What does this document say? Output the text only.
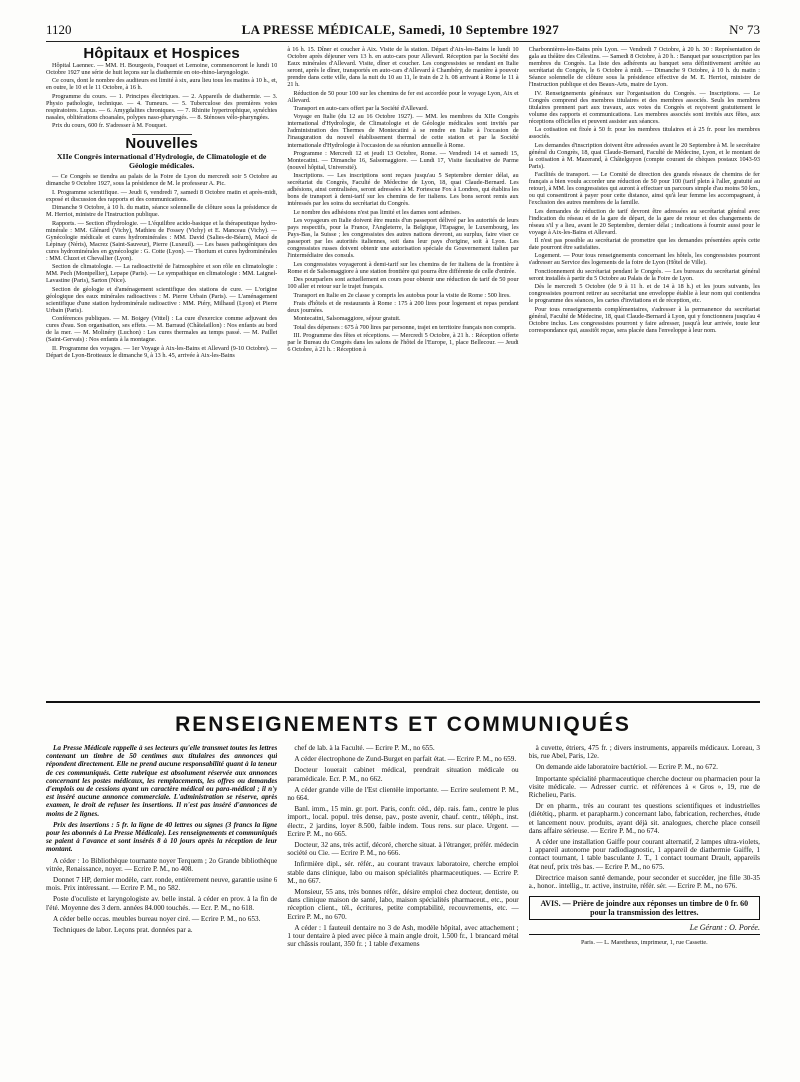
1120	LA PRESSE MÉDICALE, Samedi, 10 Septembre 1927	N° 73
Hôpitaux et Hospices

Hôpital Laennec. — MM. H. Bourgeois, Fouquet et Lemoine, commenceront le lundi 10 Octobre 1927 une série de huit leçons sur la diathermie en oto-rhino-laryngologie.

Ce cours, dont le nombre des auditeurs est limité à six, aura lieu tous les matins à 10 h., et, en outre, le 10 et le 11 Octobre, à 16 h.

Programme du cours. — 1. Principes électriques. — 2. Appareils de diathermie. — 3. Physio pathologie, technique. — 4. Tumeurs. — 5. Tuberculose des premières voies respiratoires. Lupus. — 6. Amygdalites chroniques. — 7. Rhinite hypertrophique, synéchies nasales, oblitérations choanales, polypes naso-pharyngés. — 8. Sténoses vélo-pharyngées.

Prix du cours, 600 fr. S'adresser à M. Fouquet.

Nouvelles
XIIe Congrès international d'Hydrologie, de Climatologie et de Géologie médicales.

— Ce Congrès se tiendra au palais de la Foire de Lyon du mercredi soir 5 Octobre au dimanche 9 Octobre 1927, sous la présidence de M. le professeur A. Pic.

I. Programme scientifique. — Jeudi 6, vendredi 7, samedi 8 Octobre matin et après-midi, exposé et discussion des rapports et des communications.

Dimanche 9 Octobre, à 10 h. du matin, séance solennelle de clôture sous la présidence de M. Herriot, ministre de l'Instruction publique.

Rapports. — Section d'hydrologie. — L'équilibre acido-basique et la thérapeutique hydro-minérale : MM. Glénard (Vichy), Mathieu de Fossey (Vichy) et E. Manceau (Vichy). — Gynécologie médicale et cures hydrominérales : MM. David (Salies-de-Béarn), Macé de Lépinay (Néris), Macrez (Saint-Sauveur), Pierre (Luxeuil). — Les bases pathogéniques des cures hydrominérales en gynécologie : G. Cotte (Lyon). — Thorium et cures hydrominérales : MM. Cluzet et Chevallier (Lyon).

Section de climatologie. — La radioactivité de l'atmosphère et son rôle en climatologie : MM. Pech (Montpellier), Lepape (Paris). — Le sympathique en climatologie : MM. Laignel-Lavastine (Paris), Sarton (Nice).

Section de géologie et d'aménagement scientifique des stations de cure. — L'origine géologique des eaux minérales radioactives : M. Pierre Urbain (Paris). — L'aménagement scientifique d'une station hydrominérale radioactive : MM. Piéry, Milhaud (Lyon) et Pierre Urbain (Paris).

Conférences publiques. — M. Boigey (Vittel) : La cure d'exercice comme adjuvant des cures d'eau. Son organisation, ses effets. — M. Barraud (Châtelaillon) : Nos enfants au bord de la mer. — M. Molinéry (Luchon) : Les cures thermales au temps passé. — M. Paillet (Saint-Gervais) : Nos enfants à la montagne.

II. Programme des voyages. — 1er Voyage à Aix-les-Bains et Allevard (9-10 Octobre). — Départ de Lyon-Brotteaux le dimanche 9, à 13 h. 45, arrivée à Aix-les-Bains

à 16 h. 15. Dîner et coucher à Aix. Visite de la station. Départ d'Aix-les-Bains le lundi 10 Octobre après déjeuner vers 13 h. en auto-cars pour Allevard. Réception par la Société des Eaux minérales d'Allevard. Visite, dîner et coucher. Les congressistes se rendant en Italie seront, après le dîner, transportés en auto-cars d'Allevard à Chambéry, de manière à pouvoir prendre dans cette ville, dans la nuit du 10 au 11, le train de 2 h. 08 arrivant à Rome le 11 à 21 h.

Réduction de 50 pour 100 sur les chemins de fer est accordée pour le voyage Lyon, Aix et Allevard.

Transport en auto-cars offert par la Société d'Allevard.

Voyage en Italie (du 12 au 16 Octobre 1927). — MM. les membres du XIIe Congrès international d'Hydrologie, de Climatologie et de Géologie médicales sont invités par l'administration des Thermes de Montecatini à se rendre en Italie à l'occasion de l'inauguration du nouvel établissement thermal de cette station et par la Société internationale d'Hydrologie à l'occasion de sa réunion annuelle à Rome.

Programme : Mercredi 12 et jeudi 13 Octobre, Rome. — Vendredi 14 et samedi 15, Montecatini. — Dimanche 16, Salsomaggiore. — Lundi 17, Visite facultative de Parme (nouvel hôpital, Université).

Inscriptions. — Les inscriptions sont reçues jusqu'au 5 Septembre dernier délai, au secrétariat du Congrès, Faculté de Médecine de Lyon, 18, quai Claude-Bernard. Les adhésions, ainsi centralisées, seront adressées à M. Fortescue Fox à Londres, qui établira les bons de transport à demi-tarif sur les chemins de fer italiens. Les bons seront remis aux intéressés par les soins du secrétariat du Congrès.

Le nombre des adhésions n'est pas limité et les dames sont admises.

Les voyageurs en Italie doivent être munis d'un passeport délivré par les autorités de leurs pays respectifs, pour la France, l'Angleterre, la Belgique, l'Espagne, le Luxembourg, les Pays-Bas, la Suisse ; les congressistes des autres nations devront, au surplus, faire viser ce passeport par les autorités italiennes, soit dans leur pays d'origine, soit à Lyon. Les congressistes russes doivent obtenir une autorisation spéciale du Gouvernement italien par l'intermédiaire des consuls.

Les congressistes voyageront à demi-tarif sur les chemins de fer italiens de la frontière à Rome et de Salsomaggiore à une station frontière qui pourra être différente de celle d'entrée.

Des pourparlers sont actuellement en cours pour obtenir une réduction de tarif de 50 pour 100 aller et retour sur le trajet français.

Transport en Italie en 2e classe y compris les autobus pour la visite de Rome : 500 lires.

Frais d'hôtels et de restaurants à Rome : 175 à 200 lires pour logement et repas pendant deux journées.

Montecatini, Salsomaggiore, séjour gratuit.

Total des dépenses : 675 à 700 lires par personne, trajet en territoire français non compris.

III. Programme des fêtes et réceptions. — Mercredi 5 Octobre, à 21 h. : Réception offerte par le Bureau du Congrès dans les salons de l'hôtel de l'Europe, 1, place Bellecour. — Jeudi 6 Octobre, à 21 h. : Réception à

Charbonnières-les-Bains près Lyon. — Vendredi 7 Octobre, à 20 h. 30 : Représentation de gala au théâtre des Célestins. — Samedi 8 Octobre, à 20 h. : Banquet par souscription par les membres du Congrès. La liste des adhérents au banquet sera définitivement arrêtée au secrétariat du Congrès, le 6 Octobre à midi. — Dimanche 9 Octobre, à 10 h. du matin : Séance solennelle de clôture sous la présidence effective de M. E. Herriot, ministre de l'Instruction publique et des Beaux-Arts, maire de Lyon.

IV. Renseignements généraux sur l'organisation du Congrès. — Inscriptions. — Le Congrès comprend des membres titulaires et des membres associés. Seuls les membres titulaires prennent part aux travaux, aux votes du Congrès et reçoivent gratuitement le volume des rapports et communications. Les membres associés sont invités aux fêtes, aux réceptions officielles et peuvent assister aux séances.

La cotisation est fixée à 50 fr. pour les membres titulaires et à 25 fr. pour les membres associés.

Les demandes d'inscription doivent être adressées avant le 20 Septembre à M. le secrétaire général du Congrès, 18, quai Claude-Bernard, Faculté de Médecine, Lyon, et le montant de la cotisation à M. Mazerand, à Châtelguyon (compte courant de chèques postaux 1043-93 Paris).

Facilités de transport. — Le Comité de direction des grands réseaux de chemins de fer français a bien voulu accorder une réduction de 50 pour 100 (tarif plein à l'aller, gratuité au retour), à MM. les congressistes qui auront à effectuer un parcours simple d'au moins 50 km., ou qui consentiront à payer pour cette distance, ainsi qu'à leur femme les accompagnant, à l'exclusion des autres membres de la famille.

Les demandes de réduction de tarif devront être adressées au secrétariat général avec l'indication du réseau et de la gare de départ, de la gare de retour et des changements de réseau s'il y a lieu, avant le 20 Septembre, dernier délai ; indications à fournir aussi pour le voyage à Aix-les-Bains et Allevard.

Il n'est pas possible au secrétariat de promettre que les demandes présentées après cette date pourront être satisfaites.

Logement. — Pour tous renseignements concernant les hôtels, les congressistes pourront s'adresser au Service des logements de la foire de Lyon (Hôtel de Ville).

Fonctionnement du secrétariat pendant le Congrès. — Les bureaux du secrétariat général seront installés à partir du 5 Octobre au Palais de la Foire de Lyon.

Dès le mercredi 5 Octobre (de 9 à 11 h. et de 14 à 18 h.) et les jours suivants, les congressistes pourront retirer au secrétariat une enveloppe établie à leur nom qui contiendra le programme des séances, les cartes d'invitations et de réception, etc.

Pour tous renseignements complémentaires, s'adresser à la permanence du secrétariat général, Faculté de Médecine, 18, quai Claude-Bernard à Lyon, qui y fonctionnera jusqu'au 4 Octobre inclus. Les congressistes pourront y faire adresser, jusqu'à leur arrivée, toute leur correspondance qui, aussitôt reçue, sera placée dans l'enveloppe à leur nom.

RENSEIGNEMENTS ET COMMUNIQUÉS

La Presse Médicale rappelle à ses lecteurs qu'elle transmet toutes les lettres contenant un timbre de 50 centimes aux titulaires des annonces qui répondent directement. Elle ne prend aucune responsabilité quant à la teneur de ces communiqués. Cette rubrique est absolument réservée aux annonces concernant les postes médicaux, les remplacements, les offres ou demandes d'emplois ou de cessions ayant un caractère médical ou para-médical ; il n'y est inséré aucune annonce commerciale. L'administration se réserve, après examen, le droit de refuser les insertions. Il n'est pas inséré d'annonces de moins de 2 lignes.

Prix des insertions : 5 fr. la ligne de 40 lettres ou signes (3 francs la ligne pour les abonnés à La Presse Médicale). Les renseignements et communiqués se paient à l'avance et sont insérés 8 à 10 jours après la réception de leur montant.

A céder : 1o Bibliothèque tournante noyer Terquem ; 2o Grande bibliothèque vitrée, Renaissance, noyer. — Ecrire P. M., no 408.

Donnet 7 HP, dernier modèle, carr. ronde, entièrement neuve, garantie usine 6 mois. Prix intéressant. — Ecrire P. M., no 582.

Poste d'oculiste et laryngologiste av. belle instal. à céder en prov. à la fin de l'été. Moyenne des 3 dern. années 84.000 touchés. — Ecr. P. M., no 618.

A céder belle occas. meubles bureau noyer ciré. — Ecrire P. M., no 653.

Techniques de labor. Leçons prat. données par a.

chef de lab. à la Faculté. — Ecrire P. M., no 655.

A céder électrophone de Zund-Burget en parfait état. — Ecrire P. M., no 659.

Docteur louerait cabinet médical, prendrait situation médicale ou paramédicale. Ecr. P. M., no 662.

A céder grande ville de l'Est clientèle importante. — Ecrire seulement P. M., no 664.

Banl. imm., 15 min. gr. port. Paris, confr. céd., dép. rais. fam., centre le plus import., local. popul. très dense, pav., poste avenir, chauf. centr., téléph., inst. électr., 2 jardins, loyer 8.500, faible indem. Tous rens. sur place. Urgent. — Ecrire P. M., no 665.

Docteur, 32 ans, très actif, décoré, cherche situat. à l'étranger, préfér. médecin société ou Cie. — Ecrire P. M., no 666.

Infirmière dipl., sér. référ., au courant travaux laboratoire, cherche emploi stable dans clinique, labo ou maison spécialités pharmaceutiques. — Ecrire P. M., no 667.

Monsieur, 55 ans, très bonnes référ., désire emploi chez docteur, dentiste, ou dans clinique maison de santé, labo, maison spécialités pharmaceut., etc., pour réception client., tél., écritures, petite comptabilité, recouvrements, etc. — Ecrire P. M., no 670.

A céder : 1 fauteuil dentaire no 3 de Ash, modèle hôpital, avec attachement ; 1 tour dentaire à pied avec pièce à main angle droit, 1.500 fr., 1 brancard métal sur châssis roulant, 350 fr. ; 1 table d'examens

à cuvette, étriers, 475 fr. ; divers instruments, appareils médicaux. Loreau, 3 bis, rue Abel, Paris, 12e.

On demande aide laboratoire bactériol. — Ecrire P. M., no 672.

Importante spécialité pharmaceutique cherche docteur ou pharmacien pour la visite médicale. — Adresser curric. et références à « Gros », 19, rue de Richelieu, Paris.

Dr en pharm., très au courant tes questions scientifiques et industrielles (diététiq., pharm. et parapharm.) concernant labo, fabrication, recherches, étude et lancement nouv. produits, ayant déjà sit. analogues, cherche place conseil dans affaire sérieuse. — Ecrire P. M., no 674.

A céder une installation Gaiffe pour courant alternatif, 2 lampes ultra-violets, 1 appareil autonome pour radiodiagnostic, 1 appareil de diathermie Gaiffe, 1 contact tournant, 1 table basculante J. T., 1 contact tournant Drault, appareils état neuf, prix très bas. — Ecrire P. M., no 675.

Directrice maison santé demande, pour seconder et succéder, jne fille 30-35 a., honor.. intellig., tr. active, instruite, référ. sér. — Ecrire P. M., no 676.

AVIS. — Prière de joindre aux réponses un timbre de 0 fr. 60 pour la transmission des lettres.
Le Gérant : O. Porée.
Paris. — L. Maretheux, imprimeur, 1, rue Cassette.
